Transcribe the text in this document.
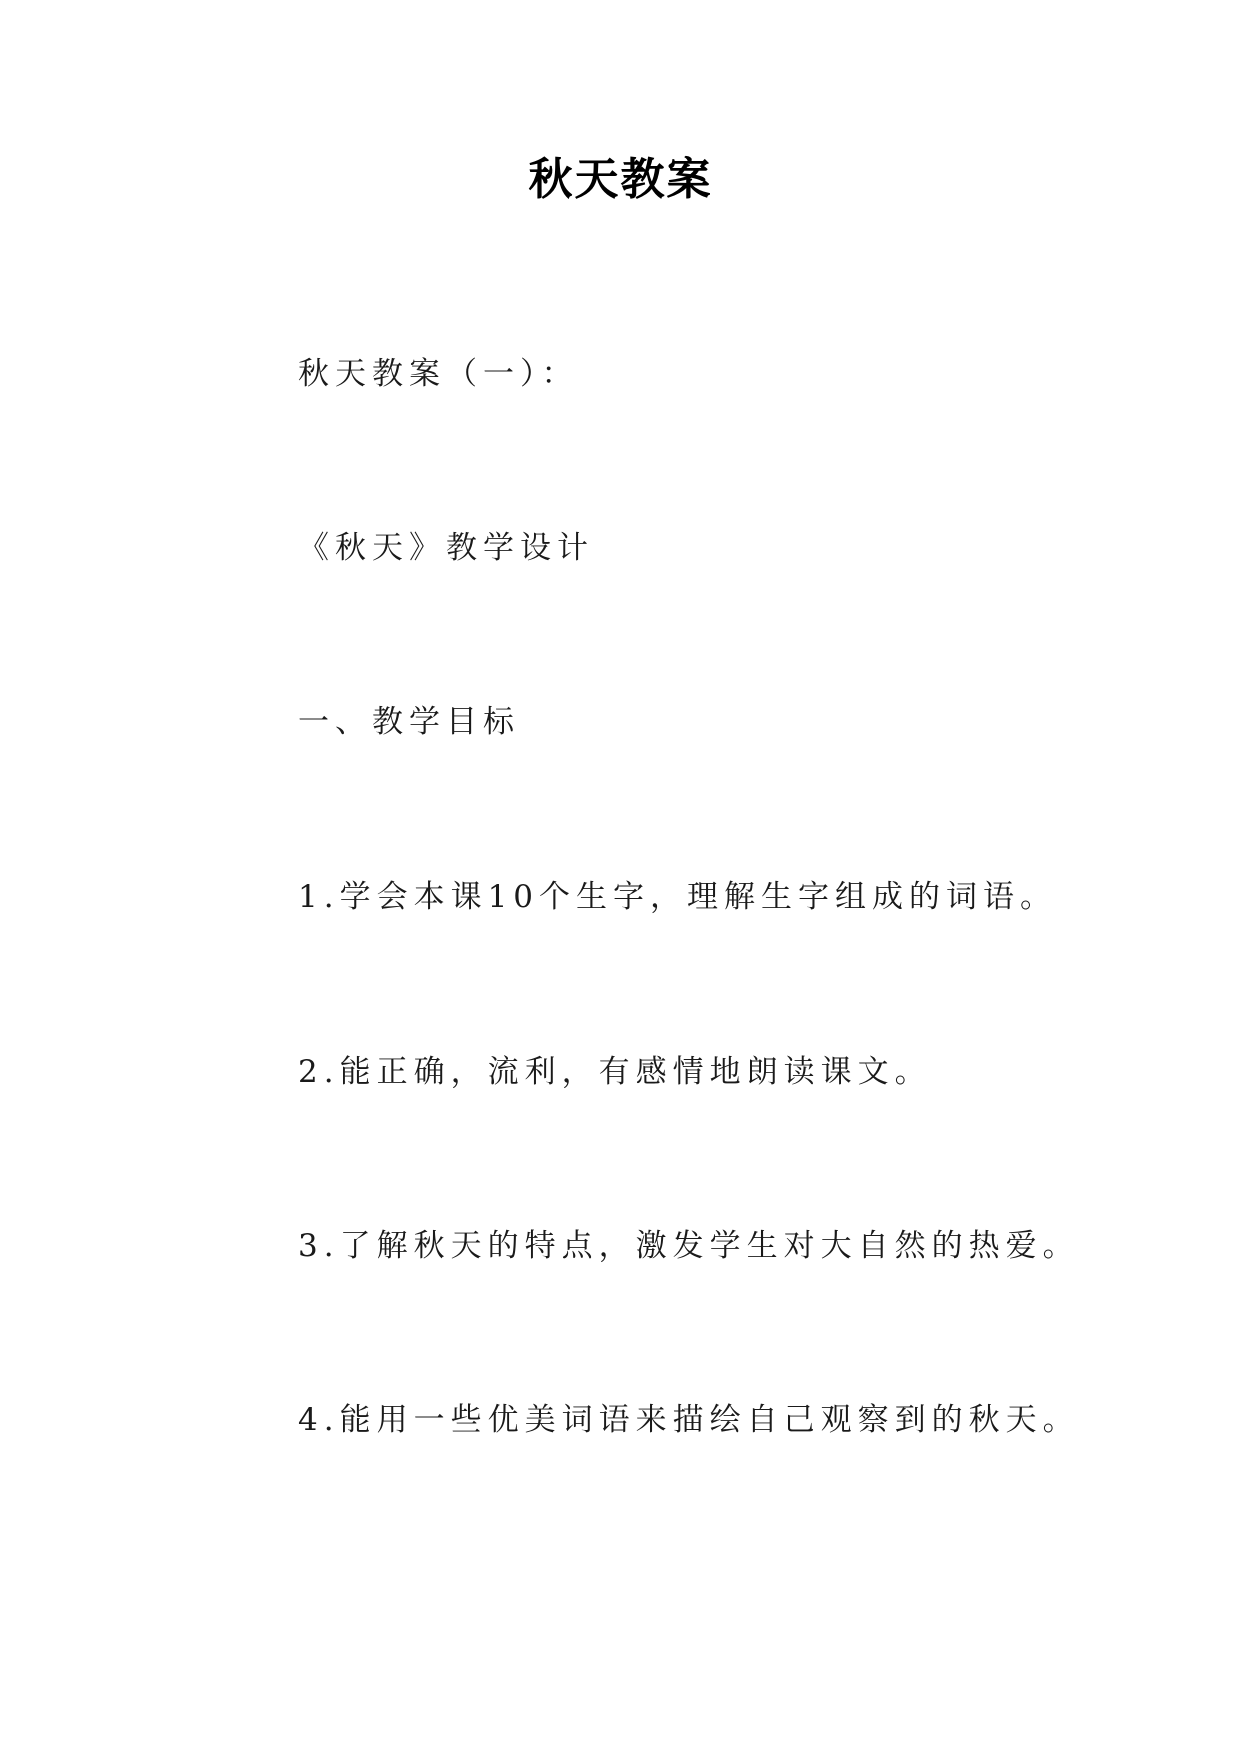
秋天教案
秋天教案（一）：
《秋天》教学设计
一、教学目标
1.学会本课10个生字，理解生字组成的词语。
2.能正确，流利，有感情地朗读课文。
3.了解秋天的特点，激发学生对大自然的热爱。
4.能用一些优美词语来描绘自己观察到的秋天。
